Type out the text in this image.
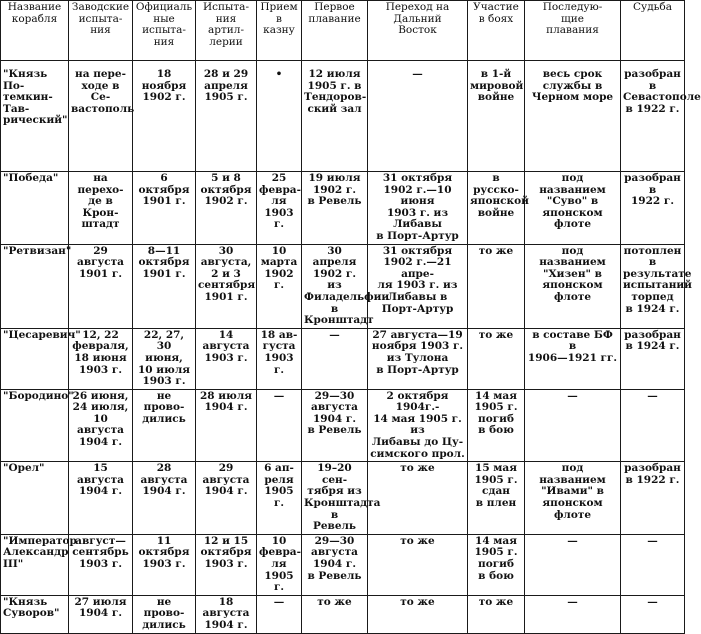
Название
корабля	Заводские
испыта-
ния	Официаль
ные
испыта-
ния	Испыта-
ния артил-
лерии	Прием
в казну	Первое
плавание	Переход на
Дальний
Восток	Участие
в боях	Последую-
щие
плавания	Судьба
"Князь По-
темкин-Тав-
рический"	на пере-
ходе в Се-
вастополь	18 ноября
1902 г.	28 и 29
апреля
1905 г.	•	12 июля
1905 г. в
Тендоров-
ский зал	—	в 1-й
мировой
войне	весь срок
службы в
Черном море	разобран в
Севастополе
в 1922 г.
"Победа"	на перехо-
де в Крон-
штадт	6 октября
1901 г.	5 и 8
октября
1902 г.	25
февра-
ля
1903 г.	19 июля
1902 г.
в Ревель	31 октября
1902 г.—10 июня
1903 г. из Либавы
в Порт-Артур	в русско-
японской
войне	под названием
"Суво" в
японском флоте	разобран в
1922 г.
"Ретвизан"	29 августа
1901 г.	8—11
октября
1901 г.	30 августа,
2 и 3
сентября
1901 г.	10
марта
1902 г.	30 апреля
1902 г. из
Филадельфии
в Кронштадт	31 октября
1902 г.—21 апре-
ля 1903 г. из
Либавы в
Порт-Артур	то же	под названием
"Хизен" в
японском флоте	потоплен в
результате
испытаний
торпед
в 1924 г.
"Цесаревич"	12, 22
февраля,
18 июня
1903 г.	22, 27, 30
июня,
10 июля
1903 г.	14 августа
1903 г.	18 ав-
густа
1903 г.	—	27 августа—19
ноября 1903 г.
из Тулона
в Порт-Артур	то же	в составе БФ в
1906—1921 гг.	разобран
в 1924 г.
"Бородино"	26 июня,
24 июля,
10 августа
1904 г.	не прово-
дились	28 июля
1904 г.	—	29—30
августа
1904 г.
в Ревель	2 октября 1904г.-
14 мая 1905 г. из
Либавы до Цу-
симского прол.	14 мая
1905 г.
погиб
в бою	—	—
"Орел"	15 августа
1904 г.	28 августа
1904 г.	29 августа
1904 г.	6 ап-
реля
1905 г.	19–20 сен-
тября из
Кронштадта
в
Ревель	то же	15 мая
1905 г.
сдан
в плен	под названием
"Ивами" в
японском флоте	разобран
в 1922 г.
"Император
Александр
III"	август—
сентябрь
1903 г.	11 октября
1903 г.	12 и 15
октября
1903 г.	10
февра-
ля
1905 г.	29—30
августа
1904 г.
в Ревель	то же	14 мая
1905 г.
погиб
в бою	—	—
"Князь
Суворов"	27 июля
1904 г.	не прово-
дились	18 августа
1904 г.	—	то же	то же	то же	—	—
